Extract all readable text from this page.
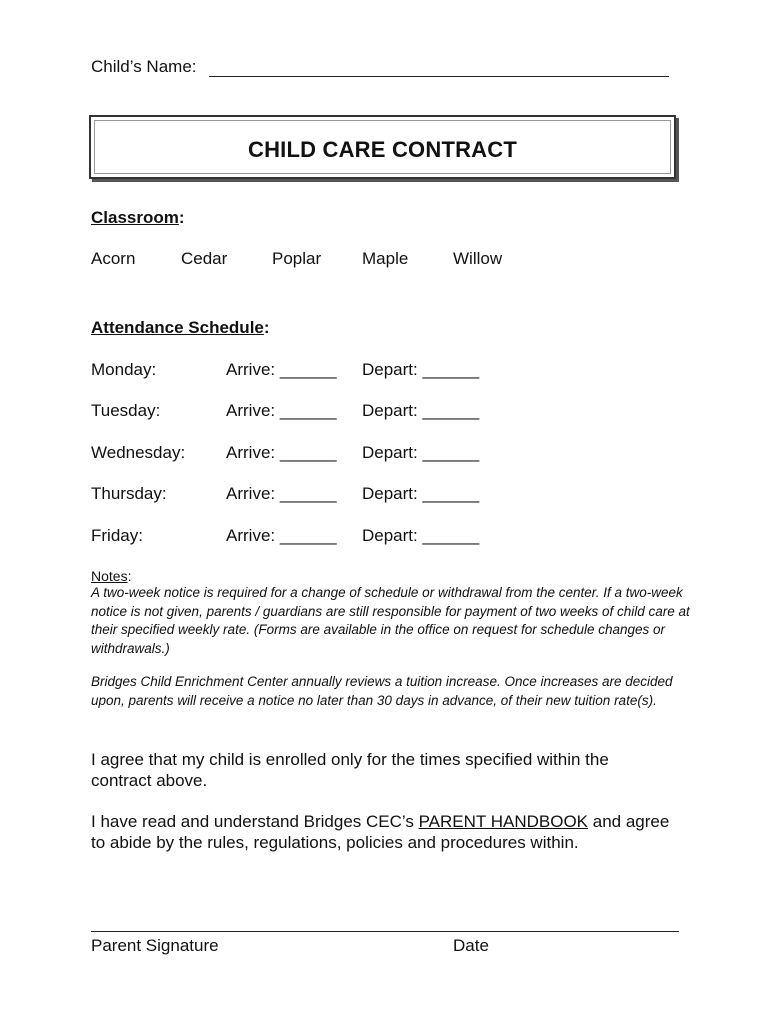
Child’s Name:
CHILD CARE CONTRACT
Classroom:
Acorn	Cedar	Poplar Maple	Willow
Attendance Schedule:
Monday:	Arrive: ______ Depart: ______
Tuesday:	Arrive: ______ Depart: ______
Wednesday: Arrive: ______ Depart: ______
Thursday:	Arrive: ______ Depart: ______
Friday:	Arrive: ______ Depart: ______
Notes:
A two-week notice is required for a change of schedule or withdrawal from the center. If a two-week notice is not given, parents / guardians are still responsible for payment of two weeks of child care at their specified weekly rate. (Forms are available in the office on request for schedule changes or withdrawals.)
Bridges Child Enrichment Center annually reviews a tuition increase. Once increases are decided upon, parents will receive a notice no later than 30 days in advance, of their new tuition rate(s).
I agree that my child is enrolled only for the times specified within the contract above.
I have read and understand Bridges CEC’s PARENT HANDBOOK and agree to abide by the rules, regulations, policies and procedures within.
Parent Signature	Date
